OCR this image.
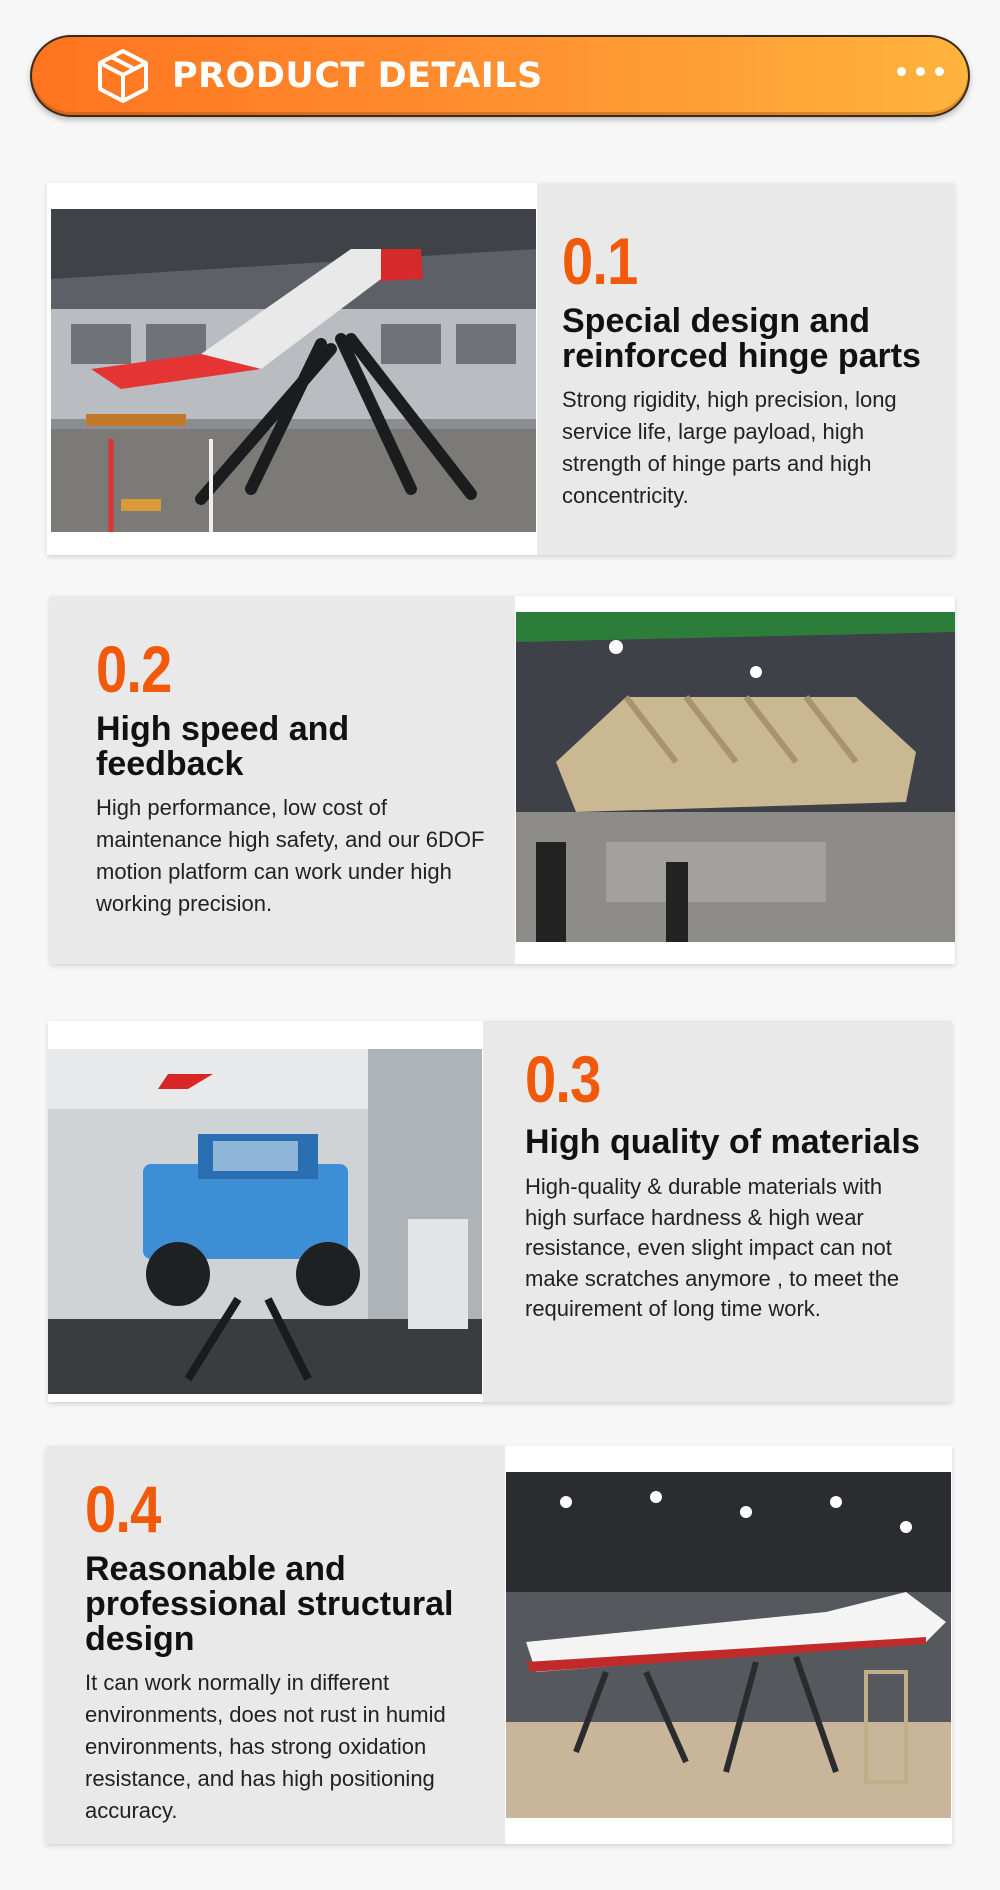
PRODUCT DETAILS
0.1
Special design and reinforced hinge parts
Strong rigidity, high precision, long service life, large payload, high strength of hinge parts and high concentricity.
0.2
High speed and feedback
High performance, low cost of maintenance high safety, and our 6DOF motion platform can work under high working precision.
0.3
High quality of materials
High-quality & durable materials with high surface hardness & high wear resistance, even slight impact can not make scratches anymore , to meet the requirement of long time work.
0.4
Reasonable and professional structural design
It can work normally in different environments, does not rust in humid environments, has strong oxidation resistance, and has high positioning accuracy.
